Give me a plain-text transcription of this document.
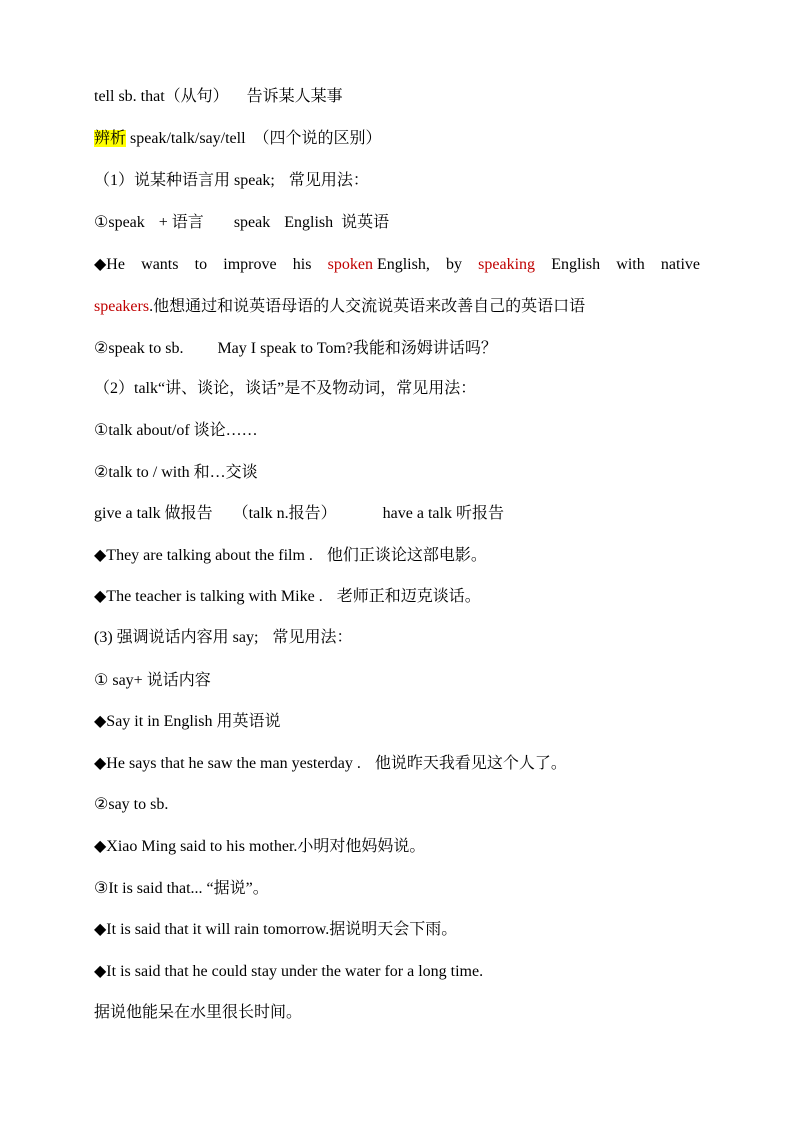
tell sb. that（从句） 告诉某人某事
辨析 speak/talk/say/tell （四个说的区别）
（1）说某种语言用 speak; 常见用法：
①speak + 语言 speak English 说英语
◆He wants to improve his spoken English, by speaking English with native
speakers.他想通过和说英语母语的人交流说英语来改善自己的英语口语
②speak to sb. May I speak to Tom?我能和汤姆讲话吗？
（2）talk“讲、谈论，谈话”是不及物动词，常见用法：
①talk about/of 谈论……
②talk to / with 和…交谈
give a talk 做报告 （talk n.报告）	have a talk 听报告
◆They are talking about the film . 他们正谈论这部电影。
◆The teacher is talking with Mike . 老师正和迈克谈话。
(3) 强调说话内容用 say; 常见用法：
① say+ 说话内容
◆Say it in English 用英语说
◆He says that he saw the man yesterday . 他说昨天我看见这个人了。
②say to sb.
◆Xiao Ming said to his mother.小明对他妈妈说。
③It is said that... “据说”。
◆It is said that it will rain tomorrow.据说明天会下雨。
◆It is said that he could stay under the water for a long time.
据说他能呆在水里很长时间。
